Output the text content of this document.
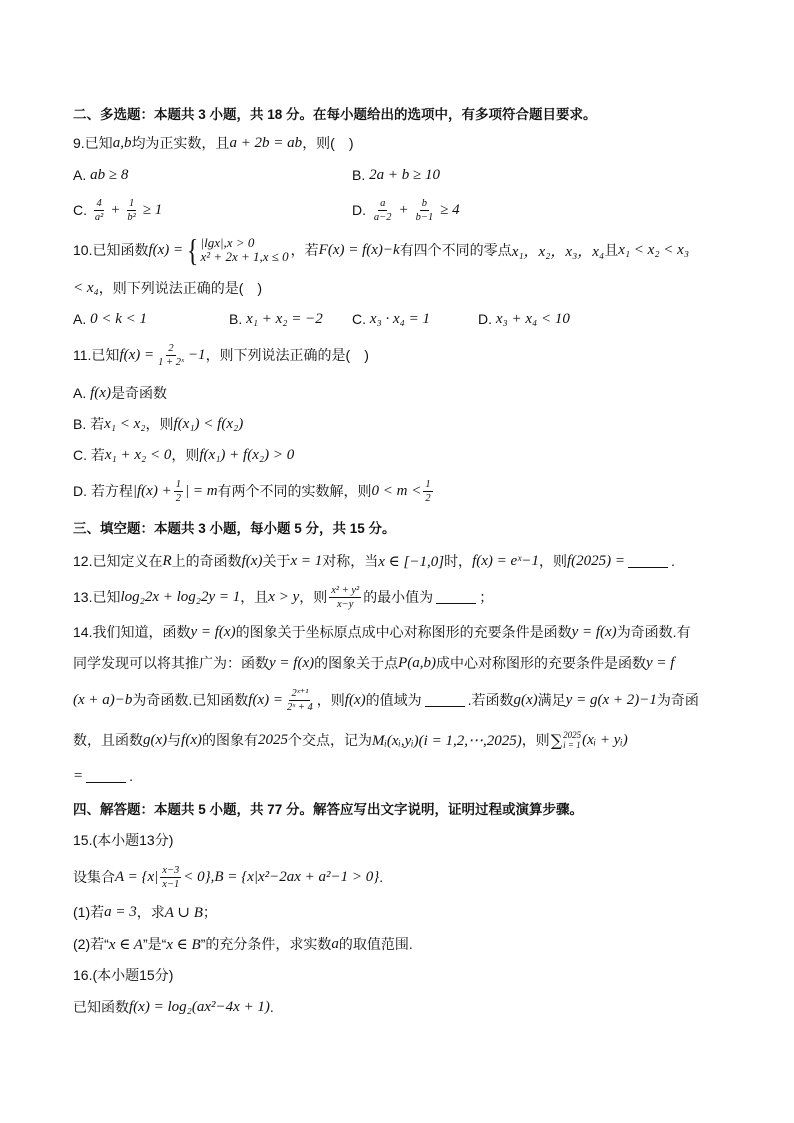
二、多选题：本题共 3 小题，共 18 分。在每小题给出的选项中，有多项符合题目要求。
9.已知 a,b 均为正实数，且 a + 2b = ab ，则(　)
A. ab ≥ 8	B. 2a + b ≥ 10
C. $\frac{4}{\text{a²}} + \frac{1}{\text{b²}} \ge 1$	D. $\frac{a}{a-2} + \frac{b}{b-1} \ge 4$
10.已知函数 f(x) = { |lgx|,x > 0
x² + 2x + 1,x ≤ 0 ，若 F(x) = f(x)−k 有四个不同的零点 x₁，x₂，x₃，x₄ 且 x₁ < x₂ < x₃
< x₄ ，则下列说法正确的是(　)
A. 0 < k < 1	B. x₁ + x₂ = −2 C. x₃ · x₄ = 1	D. x₃ + x₄ < 10
11.已知 $f(x) = \frac{2}{\text{1 + 2ˣ}} -1$ ，则下列说法正确的是(　)
A. f(x) 是奇函数
B. 若 x₁ < x₂ ，则 f(x₁) < f(x₂)
C. 若 x₁ + x₂ < 0 ，则 f(x₁) + f(x₂) > 0
D. 若方程 $|f(x) + \frac{1}{2}$ | = m 有两个不同的实数解，则 $0 < m < \frac{1}{2}$
三、填空题：本题共 3 小题，每小题 5 分，共 15 分。
12.已知定义在 R 上的奇函数 f(x) 关于 x = 1 对称，当 x ∈ [−1,0] 时， f(x) = eˣ−1 ，则 f(2025) =	.
13.已知 log₂2x + log₂2y = 1 ，且 x > y ，则 $\frac{\text{x² + y²}}{x-y}$ 的最小值为	；
14.我们知道，函数 y = f(x) 的图象关于坐标原点成中心对称图形的充要条件是函数 y = f(x) 为奇函数.有
同学发现可以将其推广为：函数 y = f(x) 的图象关于点 P(a,b) 成中心对称图形的充要条件是函数 y = f
(x + a)−b 为奇函数.已知函数 $f(x) = \frac{\text{2ˣ⁺¹}}{\text{2ˣ + 4}}$ ，则 f(x) 的值域为	.若函数 g(x) 满足 y = g(x + 2)−1 为奇函
数，且函数 g(x) 与 f(x) 的图象有 2025 个交点，记为 Mᵢ(xᵢ,yᵢ)(i = 1,2,⋯,2025) ，则 ∑ 2025
i = 1 (xᵢ + yᵢ)
=	.
四、解答题：本题共 5 小题，共 77 分。解答应写出文字说明，证明过程或演算步骤。
15.(本小题13分)
设集合 $A = \{x| \frac{x-3}{x-1} < 0\},B = \{x|x^2-2ax + a^2-1 > 0\}$ .
(1)若 a = 3 ，求 A ∪ B ；
(2)若“ x ∈ A ”是“ x ∈ B ”的充分条件，求实数 a 的取值范围.
16.(本小题15分)
已知函数 f(x) = log₂(ax²−4x + 1) .
